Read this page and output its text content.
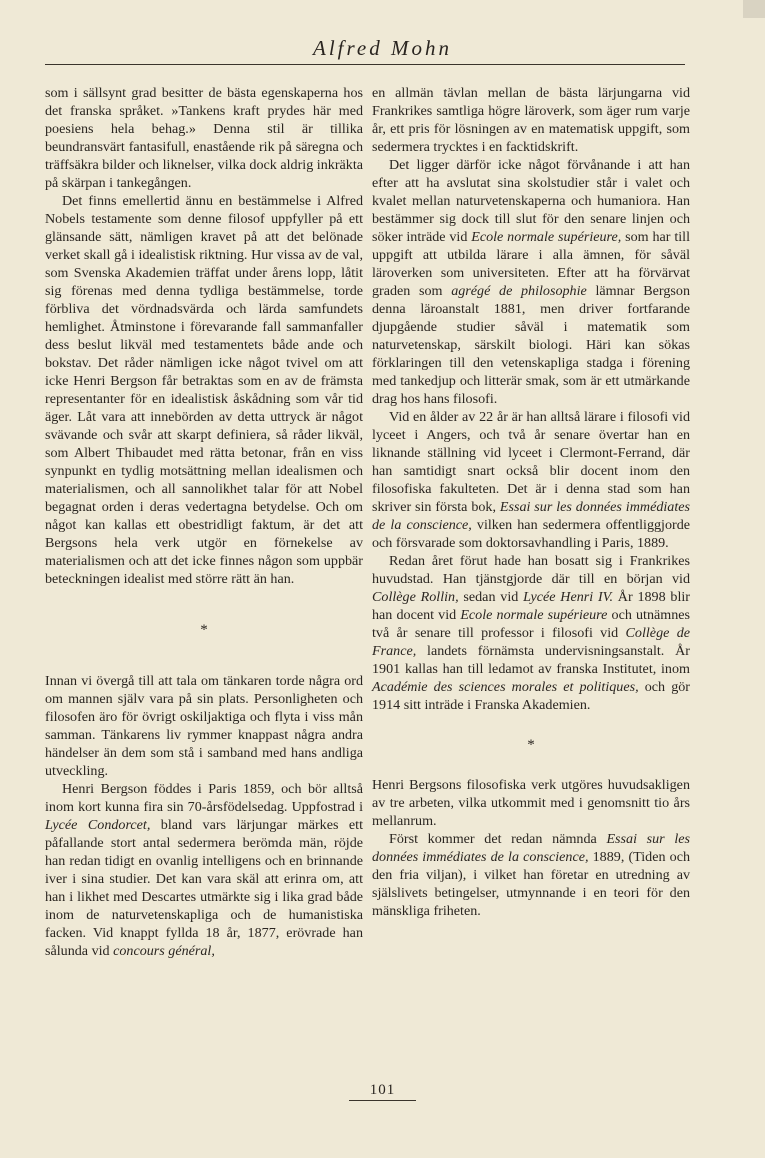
Alfred Mohn

som i sällsynt grad besitter de bästa egenskaperna hos det franska språket. »Tankens kraft prydes här med poesiens hela behag.» Denna stil är tillika beundransvärt fantasifull, enastående rik på säregna och träffsäkra bilder och liknelser, vilka dock aldrig inkräkta på skärpan i tankegången.

Det finns emellertid ännu en bestämmelse i Alfred Nobels testamente som denne filosof uppfyller på ett glänsande sätt, nämligen kravet på att det belönade verket skall gå i idealistisk riktning. Hur vissa av de val, som Svenska Akademien träffat under årens lopp, låtit sig förenas med denna tydliga bestämmelse, torde förbliva det vördnadsvärda och lärda samfundets hemlighet. Åtminstone i förevarande fall sammanfaller dess beslut likväl med testamentets både ande och bokstav. Det råder nämligen icke något tvivel om att icke Henri Bergson får betraktas som en av de främsta representanter för en idealistisk åskådning som vår tid äger. Låt vara att innebörden av detta uttryck är något svävande och svår att skarpt definiera, så råder likväl, som Albert Thibaudet med rätta betonar, från en viss synpunkt en tydlig motsättning mellan idealismen och materialismen, och all sannolikhet talar för att Nobel begagnat orden i deras vedertagna betydelse. Och om något kan kallas ett obestridligt faktum, är det att Bergsons hela verk utgör en förnekelse av materialismen och att det icke finnes någon som uppbär beteckningen idealist med större rätt än han.

*

Innan vi övergå till att tala om tänkaren torde några ord om mannen själv vara på sin plats. Personligheten och filosofen äro för övrigt oskiljaktiga och flyta i viss mån samman. Tänkarens liv rymmer knappast några andra händelser än dem som stå i samband med hans andliga utveckling.

Henri Bergson föddes i Paris 1859, och bör alltså inom kort kunna fira sin 70-årsfödelsedag. Uppfostrad i Lycée Condorcet, bland vars lärjungar märkes ett påfallande stort antal sedermera berömda män, röjde han redan tidigt en ovanlig intelligens och en brinnande iver i sina studier. Det kan vara skäl att erinra om, att han i likhet med Descartes utmärkte sig i lika grad både inom de naturvetenskapliga och de humanistiska facken. Vid knappt fyllda 18 år, 1877, erövrade han sålunda vid concours général,

en allmän tävlan mellan de bästa lärjungarna vid Frankrikes samtliga högre läroverk, som äger rum varje år, ett pris för lösningen av en matematisk uppgift, som sedermera trycktes i en facktidskrift.

Det ligger därför icke något förvånande i att han efter att ha avslutat sina skolstudier står i valet och kvalet mellan naturvetenskaperna och humaniora. Han bestämmer sig dock till slut för den senare linjen och söker inträde vid Ecole normale supérieure, som har till uppgift att utbilda lärare i alla ämnen, för såväl läroverken som universiteten. Efter att ha förvärvat graden som agrégé de philosophie lämnar Bergson denna läroanstalt 1881, men driver fortfarande djupgående studier såväl i matematik som naturvetenskap, särskilt biologi. Häri kan sökas förklaringen till den vetenskapliga stadga i förening med tankedjup och litterär smak, som är ett utmärkande drag hos hans filosofi.

Vid en ålder av 22 år är han alltså lärare i filosofi vid lyceet i Angers, och två år senare övertar han en liknande ställning vid lyceet i Clermont-Ferrand, där han samtidigt snart också blir docent inom den filosofiska fakulteten. Det är i denna stad som han skriver sin första bok, Essai sur les données immédiates de la conscience, vilken han sedermera offentliggjorde och försvarade som doktorsavhandling i Paris, 1889.

Redan året förut hade han bosatt sig i Frankrikes huvudstad. Han tjänstgjorde där till en början vid Collège Rollin, sedan vid Lycée Henri IV. År 1898 blir han docent vid Ecole normale supérieure och utnämnes två år senare till professor i filosofi vid Collège de France, landets förnämsta undervisningsanstalt. År 1901 kallas han till ledamot av franska Institutet, inom Académie des sciences morales et politiques, och gör 1914 sitt inträde i Franska Akademien.

*

Henri Bergsons filosofiska verk utgöres huvudsakligen av tre arbeten, vilka utkommit med i genomsnitt tio års mellanrum.

Först kommer det redan nämnda Essai sur les données immédiates de la conscience, 1889, (Tiden och den fria viljan), i vilket han företar en utredning av själslivets betingelser, utmynnande i en teori för den mänskliga friheten.

101
